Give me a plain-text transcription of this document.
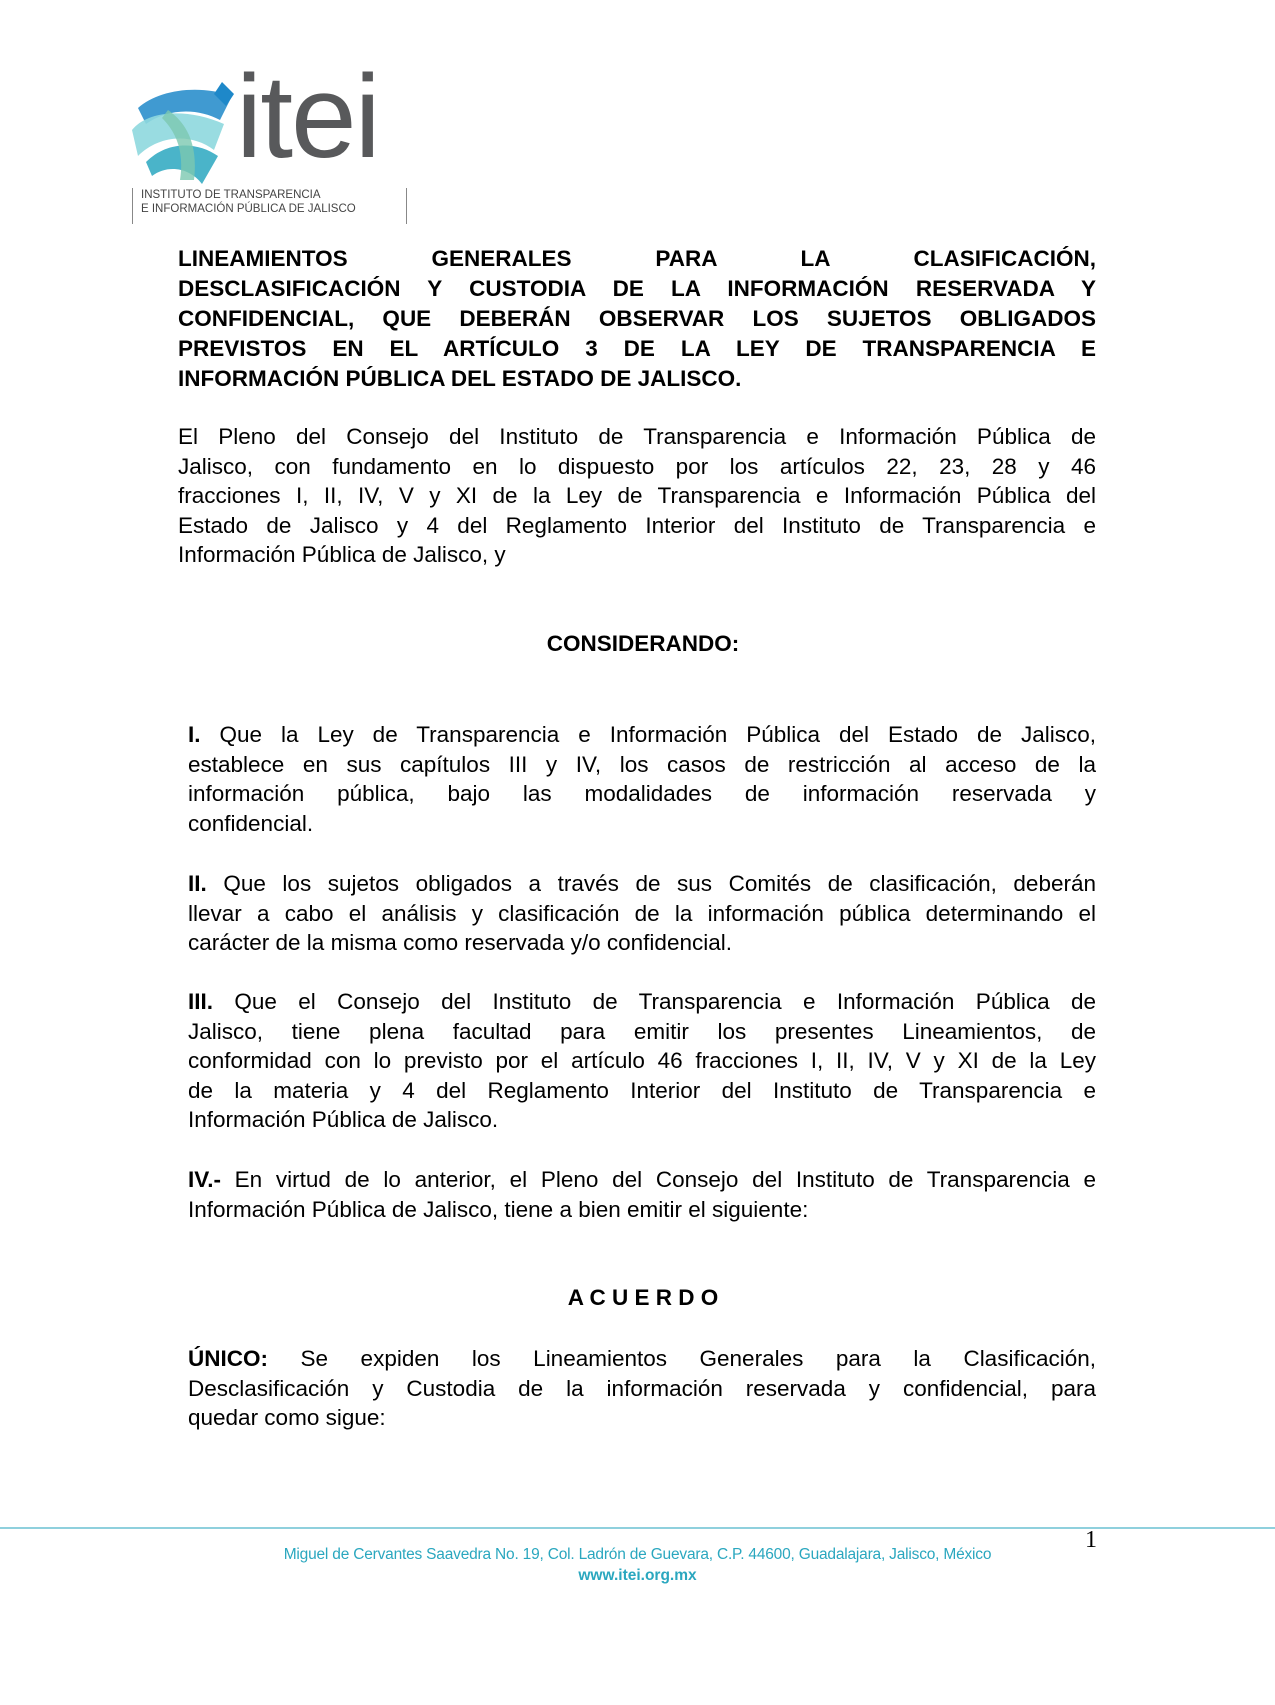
itei
INSTITUTO DE TRANSPARENCIA
E INFORMACIÓN PÚBLICA DE JALISCO
LINEAMIENTOS GENERALES PARA LA CLASIFICACIÓN,
DESCLASIFICACIÓN Y CUSTODIA DE LA INFORMACIÓN RESERVADA Y
CONFIDENCIAL, QUE DEBERÁN OBSERVAR LOS SUJETOS OBLIGADOS
PREVISTOS EN EL ARTÍCULO 3 DE LA LEY DE TRANSPARENCIA E
INFORMACIÓN PÚBLICA DEL ESTADO DE JALISCO.
El Pleno del Consejo del Instituto de Transparencia e Información Pública de
Jalisco, con fundamento en lo dispuesto por los artículos 22, 23, 28 y 46
fracciones I, II, IV, V y XI de la Ley de Transparencia e Información Pública del
Estado de Jalisco y 4 del Reglamento Interior del Instituto de Transparencia e
Información Pública de Jalisco, y
CONSIDERANDO:
I. Que la Ley de Transparencia e Información Pública del Estado de Jalisco,
establece en sus capítulos III y IV, los casos de restricción al acceso de la
información pública, bajo las modalidades de información reservada y
confidencial.
II. Que los sujetos obligados a través de sus Comités de clasificación, deberán
llevar a cabo el análisis y clasificación de la información pública determinando el
carácter de la misma como reservada y/o confidencial.
III. Que el Consejo del Instituto de Transparencia e Información Pública de
Jalisco, tiene plena facultad para emitir los presentes Lineamientos, de
conformidad con lo previsto por el artículo 46 fracciones I, II, IV, V y XI de la Ley
de la materia y 4 del Reglamento Interior del Instituto de Transparencia e
Información Pública de Jalisco.
IV.- En virtud de lo anterior, el Pleno del Consejo del Instituto de Transparencia e
Información Pública de Jalisco, tiene a bien emitir el siguiente:
A C U E R D O
ÚNICO: Se expiden los Lineamientos Generales para la Clasificación,
Desclasificación y Custodia de la información reservada y confidencial, para
quedar como sigue:
1
Miguel de Cervantes Saavedra No. 19, Col. Ladrón de Guevara, C.P. 44600, Guadalajara, Jalisco, México
www.itei.org.mx
